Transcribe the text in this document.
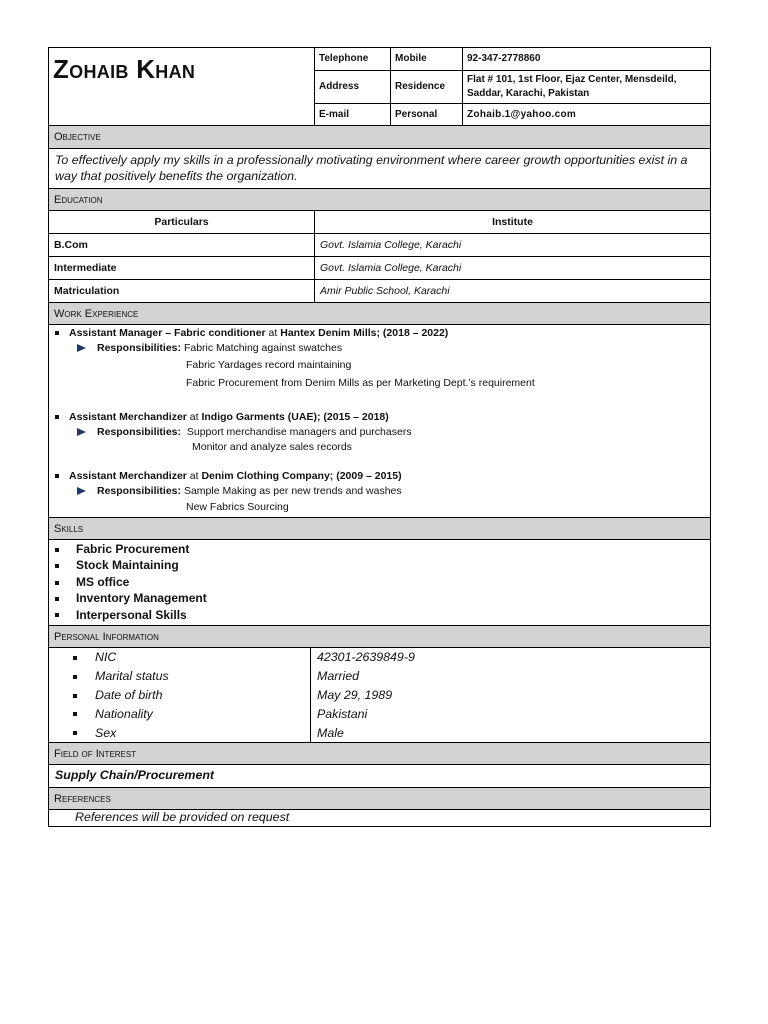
Zohaib Khan	Telephone	Mobile	92-347-2778860
Address	Residence	Flat # 101, 1st Floor, Ejaz Center, Mensdeild,
Saddar, Karachi, Pakistan

E-mail	Personal	Zohaib.1@yahoo.com
Objective
To effectively apply my skills in a professionally motivating environment where career growth opportunities exist in a way that positively benefits the organization.
Education
Particulars	Institute
B.Com	Govt. Islamia College, Karachi
Intermediate	Govt. Islamia College, Karachi
Matriculation	Amir Public School, Karachi
Work Experience
Assistant Manager – Fabric conditioner at Hantex Denim Mills; (2018 – 2022)
Responsibilities: Fabric Matching against swatches
Fabric Yardages record maintaining
Fabric Procurement from Denim Mills as per Marketing Dept.’s requirement
Assistant Merchandizer at Indigo Garments (UAE); (2015 – 2018)
Responsibilities: Support merchandise managers and purchasers
Monitor and analyze sales records
Assistant Merchandizer at Denim Clothing Company; (2009 – 2015)
Responsibilities: Sample Making as per new trends and washes
New Fabrics Sourcing
Skills
Fabric Procurement
Stock Maintaining
MS office
Inventory Management
Interpersonal Skills
Personal Information
NIC	42301-2639849-9
Marital status	Married
Date of birth	May 29, 1989
Nationality	Pakistani
Sex	Male
Field of Interest
Supply Chain/Procurement
References
References will be provided on request
